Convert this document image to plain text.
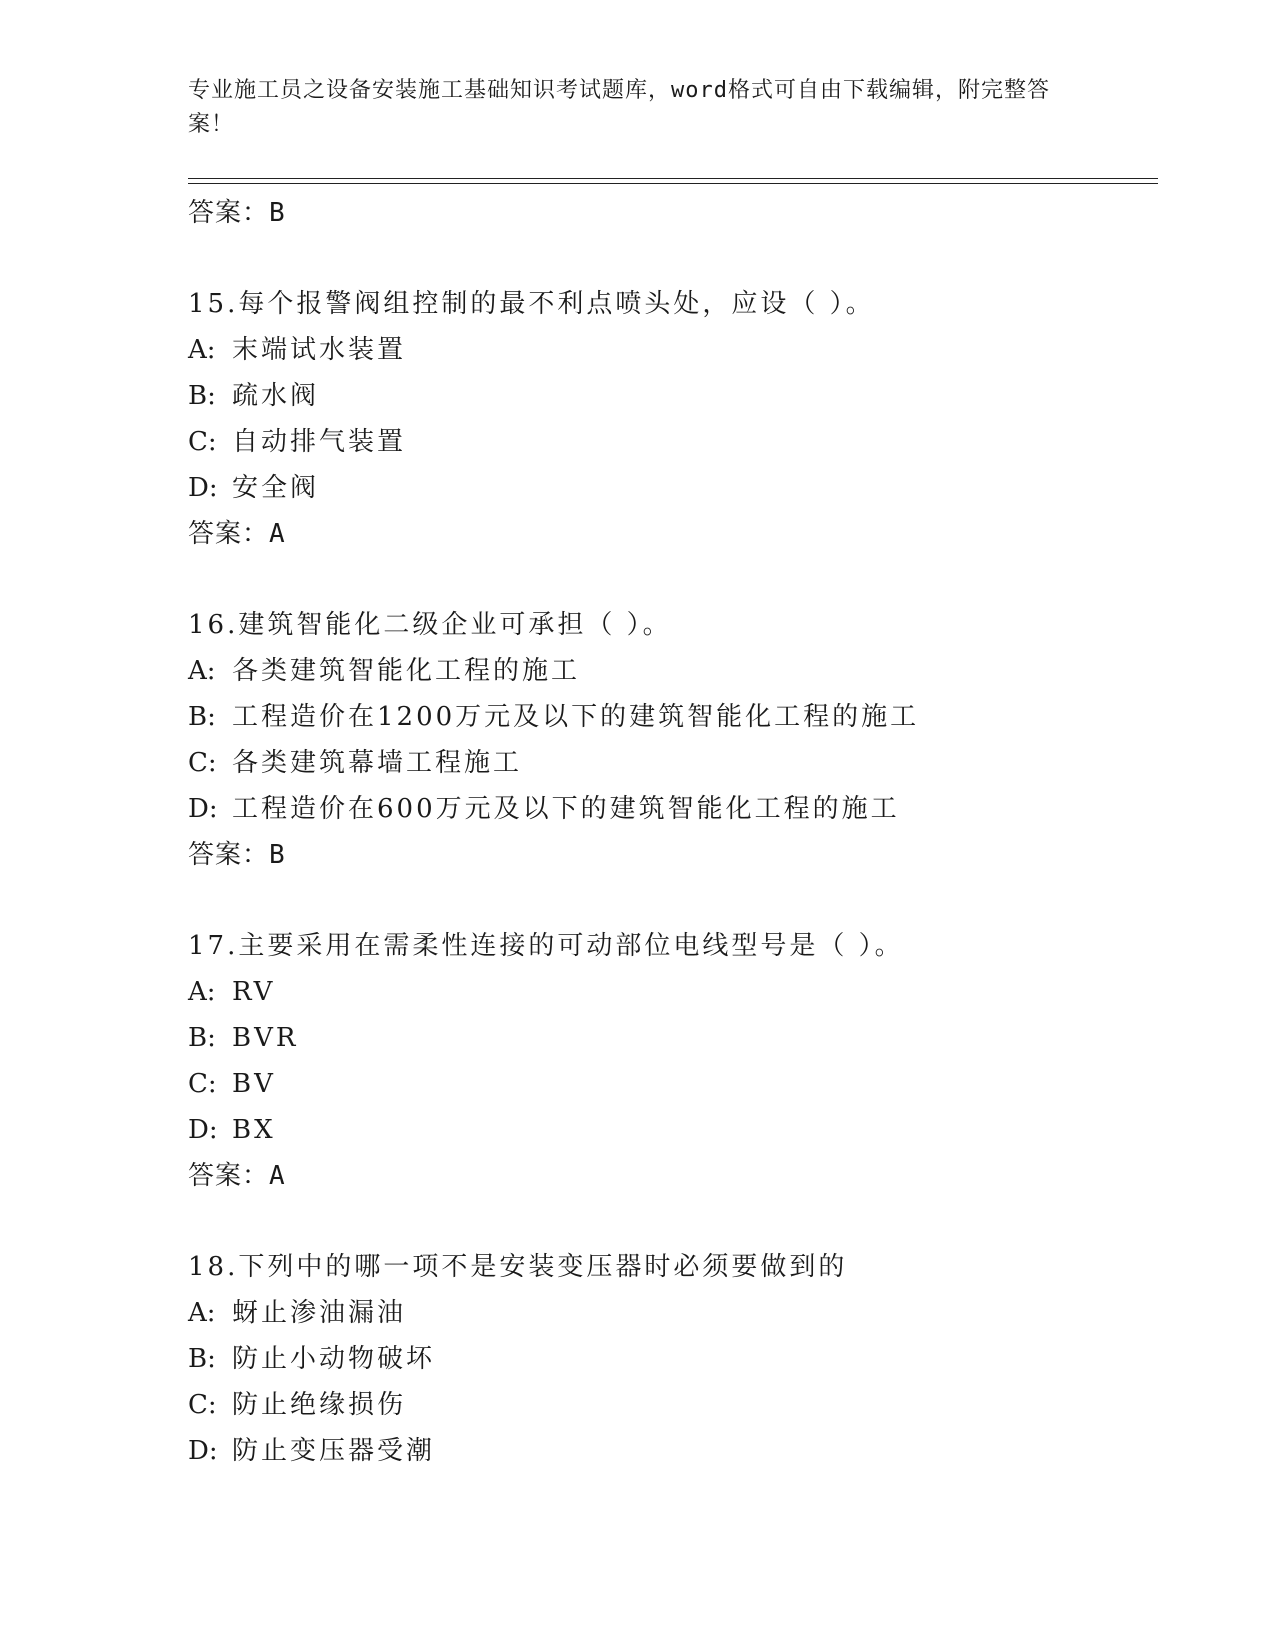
专业施工员之设备安装施工基础知识考试题库，word格式可自由下载编辑，附完整答案！
答案：B
15.每个报警阀组控制的最不利点喷头处，应设（ ）。
A: 末端试水装置
B: 疏水阀
C: 自动排气装置
D: 安全阀
答案：A
16.建筑智能化二级企业可承担（ ）。
A: 各类建筑智能化工程的施工
B: 工程造价在1200万元及以下的建筑智能化工程的施工
C: 各类建筑幕墙工程施工
D: 工程造价在600万元及以下的建筑智能化工程的施工
答案：B
17.主要采用在需柔性连接的可动部位电线型号是（ ）。
A: RV
B: BVR
C: BV
D: BX
答案：A
18.下列中的哪一项不是安装变压器时必须要做到的
A: 蚜止渗油漏油
B: 防止小动物破坏
C: 防止绝缘损伤
D: 防止变压器受潮
